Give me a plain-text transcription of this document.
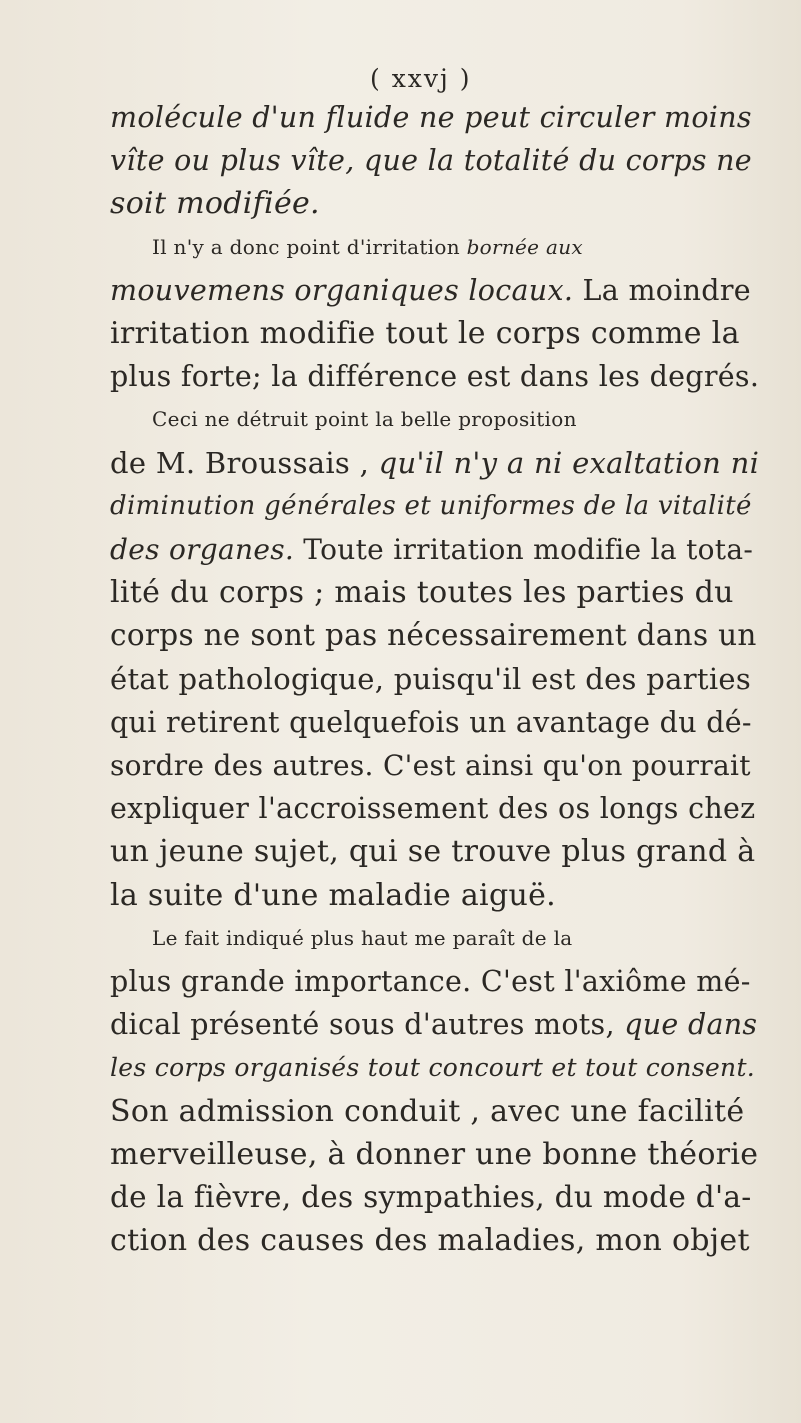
( xxvj )
molécule d'un fluide ne peut circuler moins
vîte ou plus vîte, que la totalité du corps ne
soit modifiée.
Il n'y a donc point d'irritation bornée aux
mouvemens organiques locaux. La moindre
irritation modifie tout le corps comme la
plus forte; la différence est dans les degrés.
Ceci ne détruit point la belle proposition
de M. Broussais , qu'il n'y a ni exaltation ni
diminution générales et uniformes de la vitalité
des organes. Toute irritation modifie la tota-
lité du corps ; mais toutes les parties du
corps ne sont pas nécessairement dans un
état pathologique, puisqu'il est des parties
qui retirent quelquefois un avantage du dé-
sordre des autres. C'est ainsi qu'on pourrait
expliquer l'accroissement des os longs chez
un jeune sujet, qui se trouve plus grand à
la suite d'une maladie aiguë.
Le fait indiqué plus haut me paraît de la
plus grande importance. C'est l'axiôme mé-
dical présenté sous d'autres mots, que dans
les corps organisés tout concourt et tout consent.
Son admission conduit , avec une facilité
merveilleuse, à donner une bonne théorie
de la fièvre, des sympathies, du mode d'a-
ction des causes des maladies, mon objet
